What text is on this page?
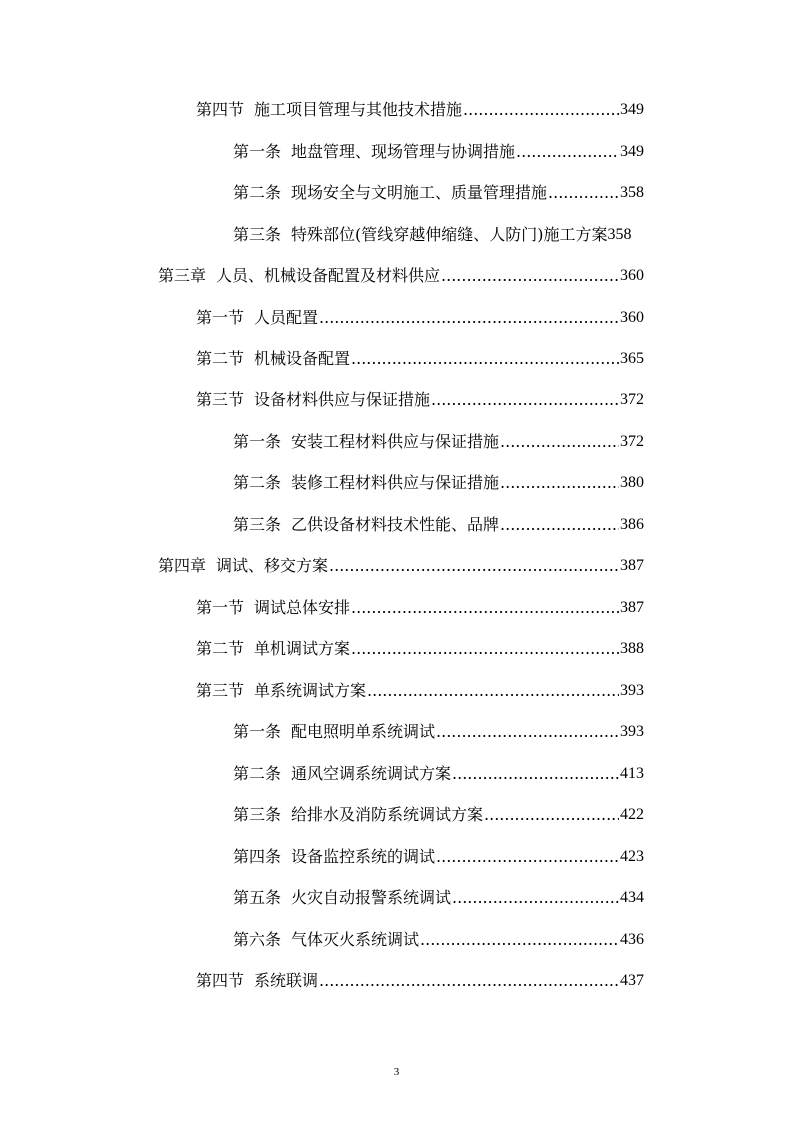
第四节 施工项目管理与其他技术措施 .....	349
第一条 地盘管理、现场管理与协调措施 .....	349
第二条 现场安全与文明施工、质量管理措施 .....	358
第三条 特殊部位(管线穿越伸缩缝、人防门)施工方案 358
第三章 人员、机械设备配置及材料供应 .....	360
第一节 人员配置 .....	360
第二节 机械设备配置 .....	365
第三节 设备材料供应与保证措施 .....	372
第一条 安装工程材料供应与保证措施 .....	372
第二条 装修工程材料供应与保证措施 .....	380
第三条 乙供设备材料技术性能、品牌 .....	386
第四章 调试、移交方案 .....	387
第一节 调试总体安排 .....	387
第二节 单机调试方案 .....	388
第三节 单系统调试方案 .....	393
第一条 配电照明单系统调试 .....	393
第二条 通风空调系统调试方案 .....	413
第三条 给排水及消防系统调试方案 .....	422
第四条 设备监控系统的调试 .....	423
第五条 火灾自动报警系统调试 .....	434
第六条 气体灭火系统调试 .....	436
第四节 系统联调 .....	437
3
